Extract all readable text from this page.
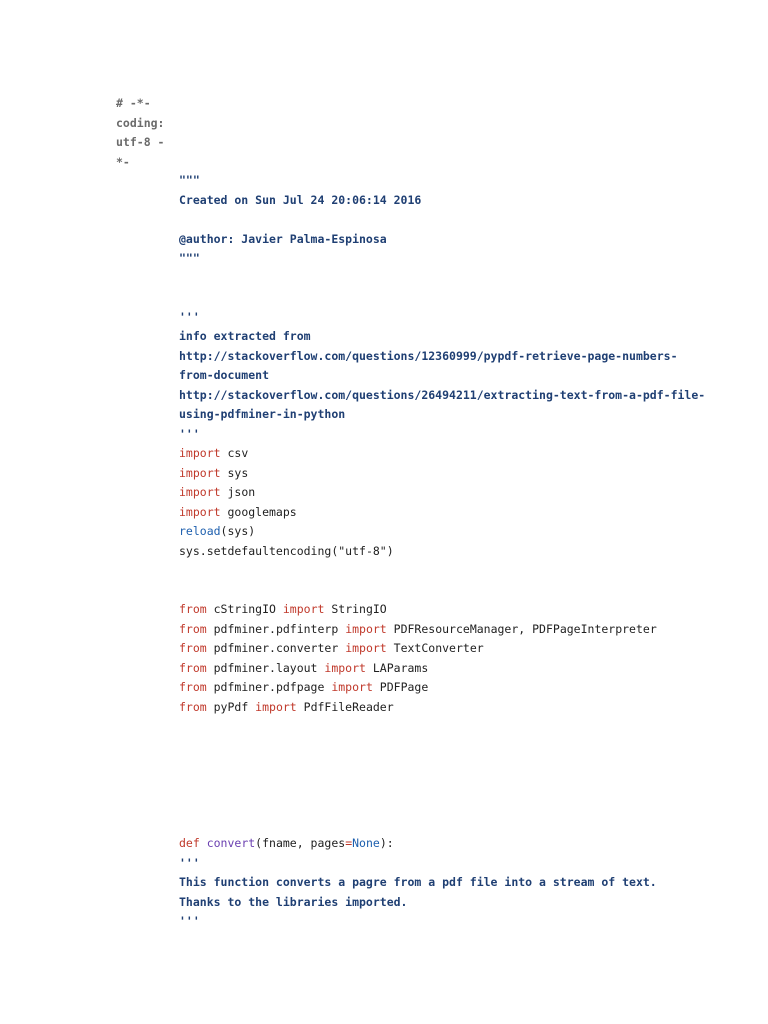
# -*-
coding:
utf-8 -
*-
"""
Created on Sun Jul 24 20:06:14 2016
@author: Javier Palma-Espinosa
"""
'''
info extracted from
http://stackoverflow.com/questions/12360999/pypdf-retrieve-page-numbers-
from-document
http://stackoverflow.com/questions/26494211/extracting-text-from-a-pdf-file-
using-pdfminer-in-python
'''
import csv
import sys
import json
import googlemaps
reload(sys)
sys.setdefaultencoding("utf-8")
from cStringIO import StringIO
from pdfminer.pdfinterp import PDFResourceManager, PDFPageInterpreter
from pdfminer.converter import TextConverter
from pdfminer.layout import LAParams
from pdfminer.pdfpage import PDFPage
from pyPdf import PdfFileReader
def convert(fname, pages=None):
'''
This function converts a pagre from a pdf file into a stream of text.
Thanks to the libraries imported.
'''
